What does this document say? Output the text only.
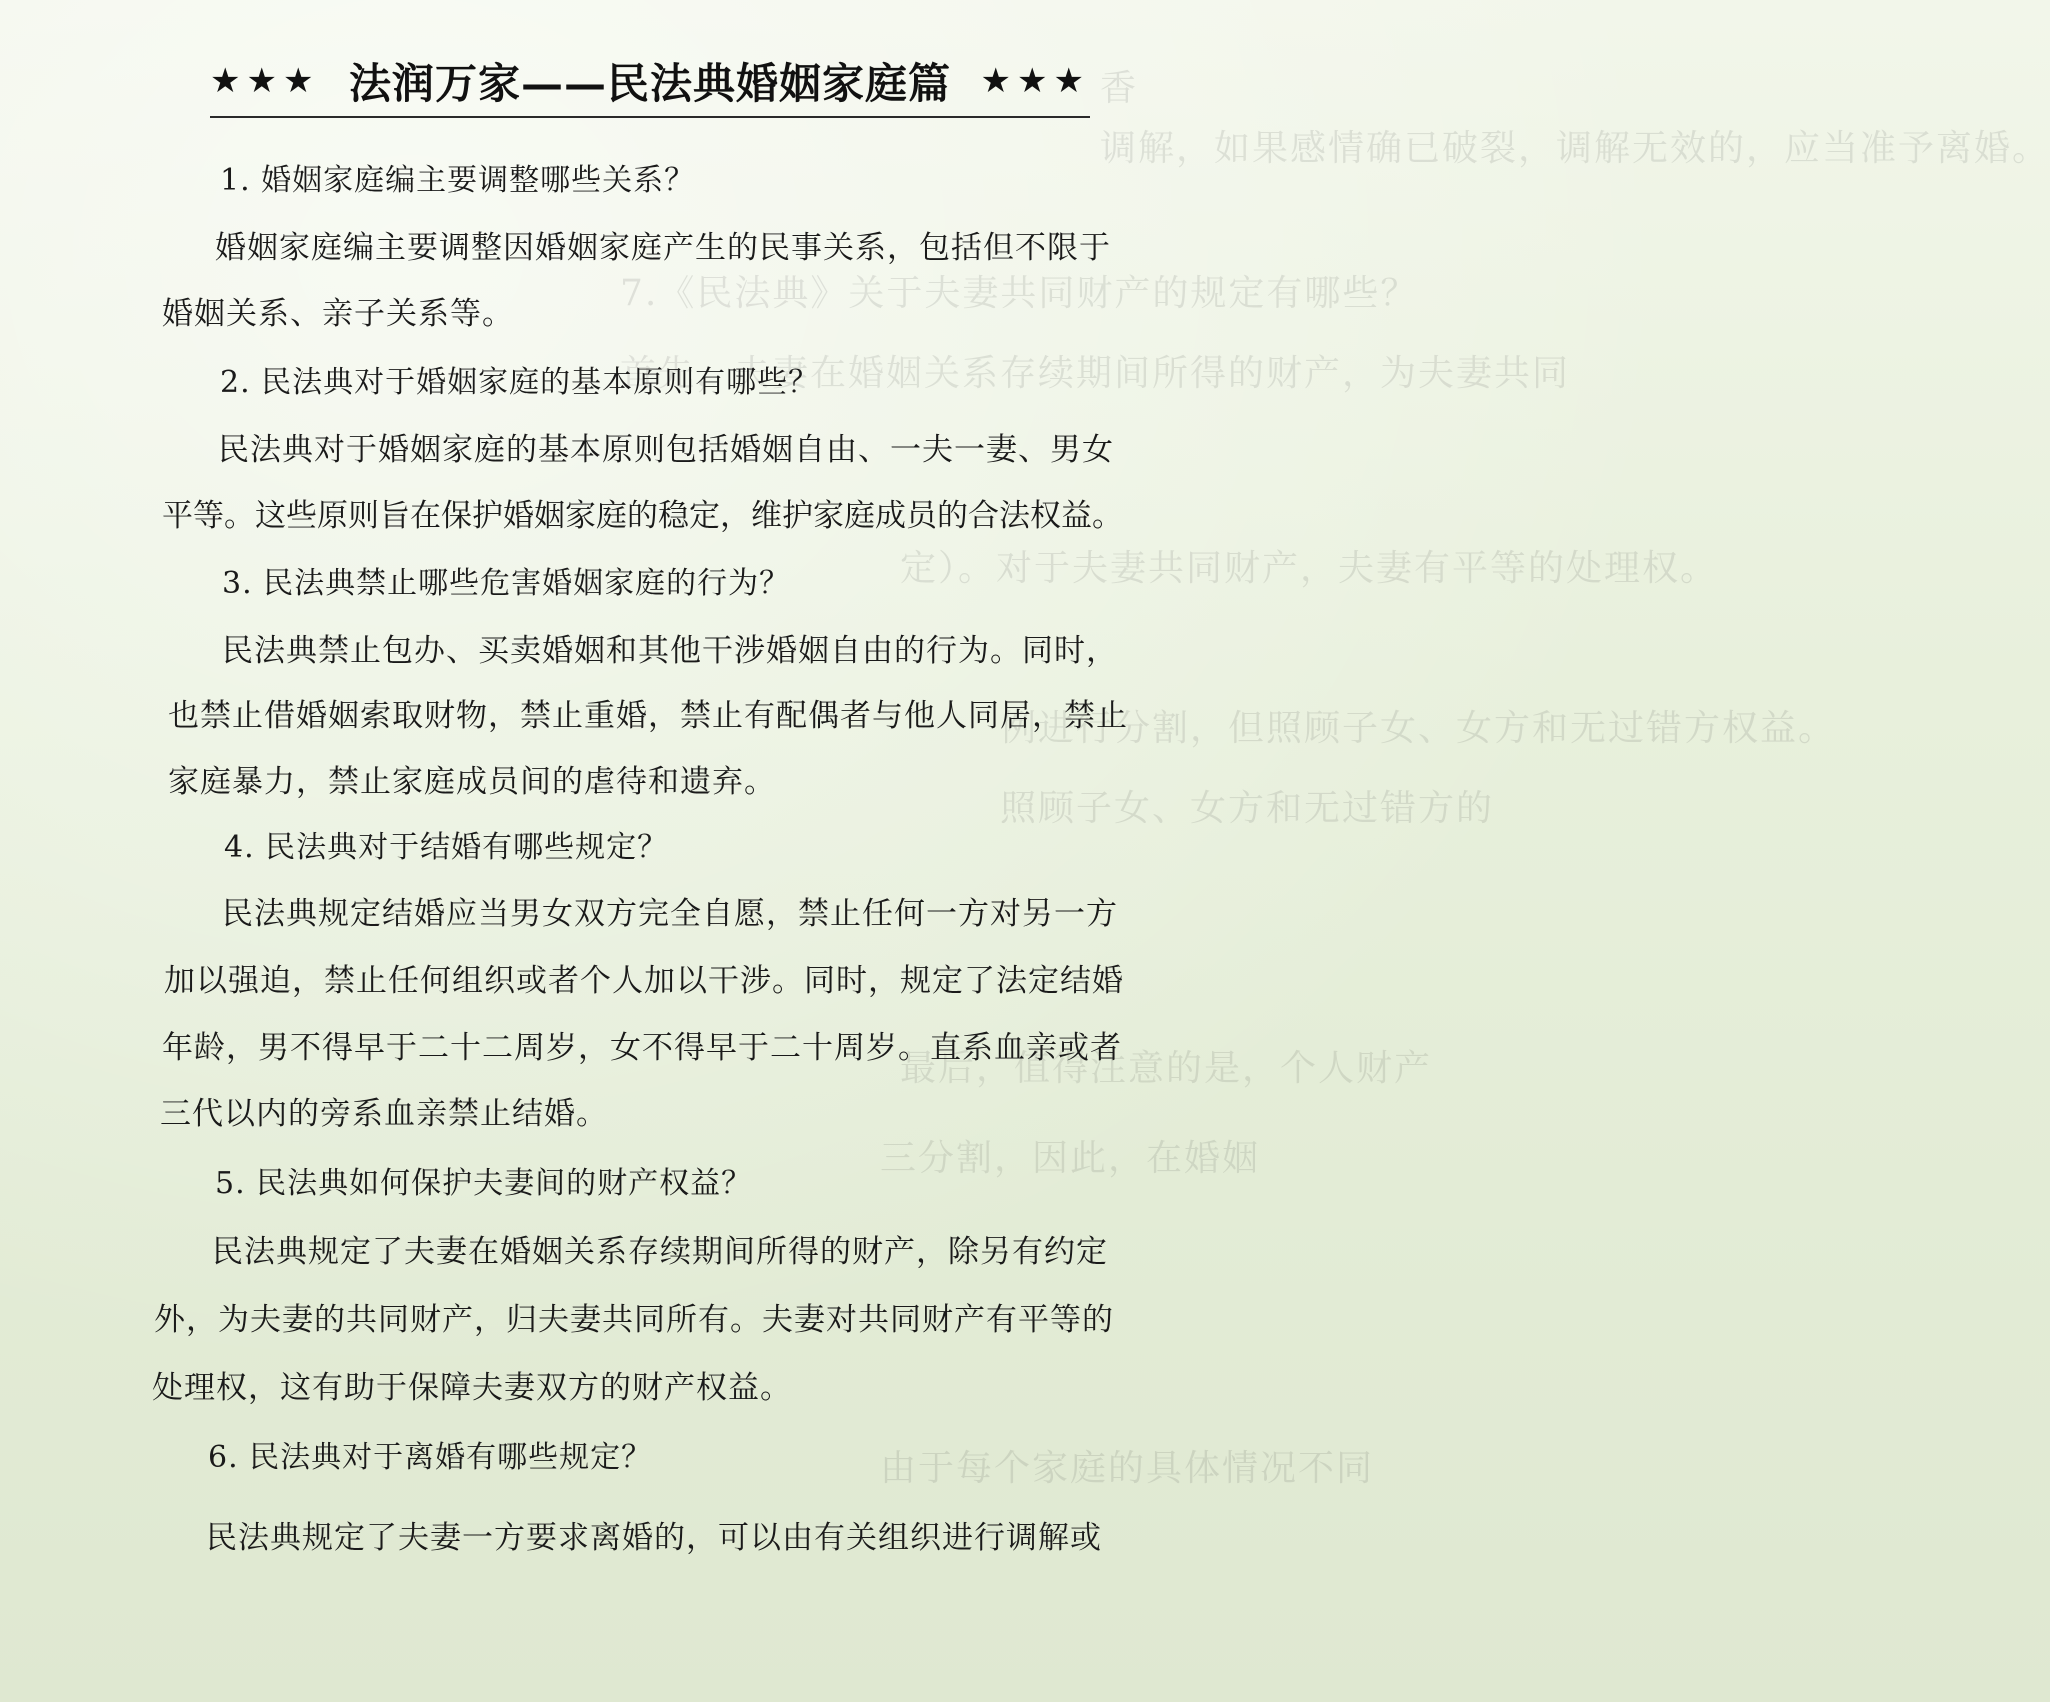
香
调解，如果感情确已破裂，调解无效的，应当准予离婚。
7.《民法典》关于夫妻共同财产的规定有哪些？
首先，夫妻在婚姻关系存续期间所得的财产，为夫妻共同
定）。对于夫妻共同财产，夫妻有平等的处理权。
例进行分割，但照顾子女、女方和无过错方权益。
照顾子女、女方和无过错方的
最后，值得注意的是，个人财产
三分割，因此，在婚姻
由于每个家庭的具体情况不同
★★★ 法润万家——民法典婚姻家庭篇 ★★★
1. 婚姻家庭编主要调整哪些关系？
婚姻家庭编主要调整因婚姻家庭产生的民事关系，包括但不限于
婚姻关系、亲子关系等。
2. 民法典对于婚姻家庭的基本原则有哪些？
民法典对于婚姻家庭的基本原则包括婚姻自由、一夫一妻、男女
平等。这些原则旨在保护婚姻家庭的稳定，维护家庭成员的合法权益。
3. 民法典禁止哪些危害婚姻家庭的行为？
民法典禁止包办、买卖婚姻和其他干涉婚姻自由的行为。同时，
也禁止借婚姻索取财物，禁止重婚，禁止有配偶者与他人同居，禁止
家庭暴力，禁止家庭成员间的虐待和遗弃。
4. 民法典对于结婚有哪些规定？
民法典规定结婚应当男女双方完全自愿，禁止任何一方对另一方
加以强迫，禁止任何组织或者个人加以干涉。同时，规定了法定结婚
年龄，男不得早于二十二周岁，女不得早于二十周岁。直系血亲或者
三代以内的旁系血亲禁止结婚。
5. 民法典如何保护夫妻间的财产权益？
民法典规定了夫妻在婚姻关系存续期间所得的财产，除另有约定
外，为夫妻的共同财产，归夫妻共同所有。夫妻对共同财产有平等的
处理权，这有助于保障夫妻双方的财产权益。
6. 民法典对于离婚有哪些规定？
民法典规定了夫妻一方要求离婚的，可以由有关组织进行调解或
